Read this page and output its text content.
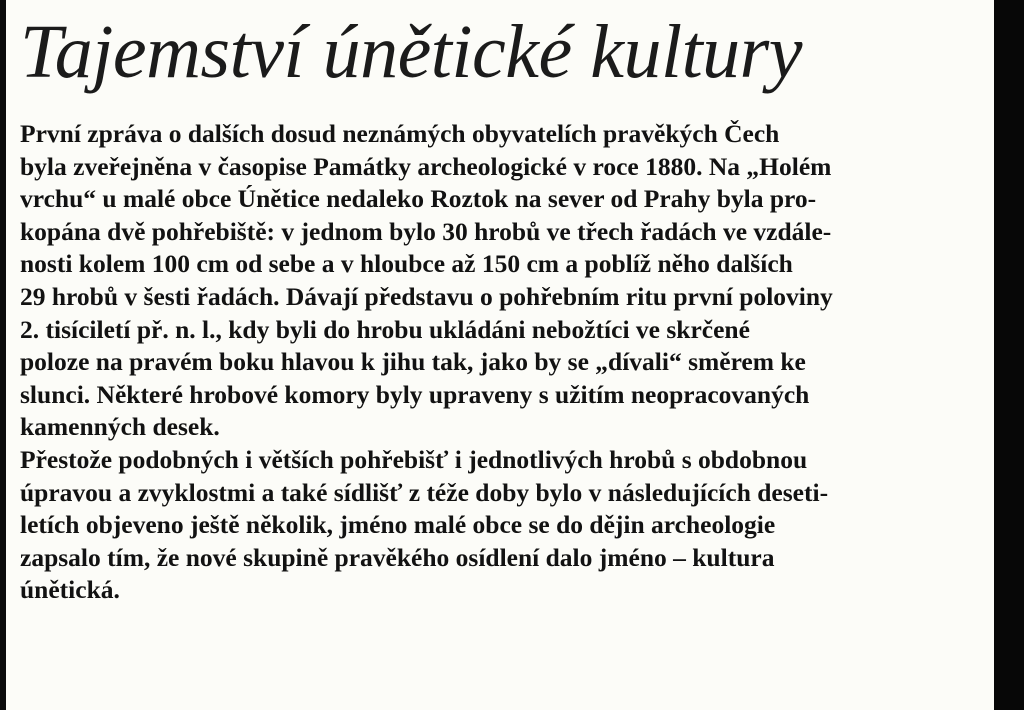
Tajemství únětické kultury
První zpráva o dalších dosud neznámých obyvatelích pravěkých Čech
byla zveřejněna v časopise Památky archeologické v roce 1880. Na „Holém
vrchu“ u malé obce Únětice nedaleko Roztok na sever od Prahy byla pro-
kopána dvě pohřebiště: v jednom bylo 30 hrobů ve třech řadách ve vzdále-
nosti kolem 100 cm od sebe a v hloubce až 150 cm a poblíž něho dalších
29 hrobů v šesti řadách. Dávají představu o pohřebním ritu první poloviny
2. tisíciletí př. n. l., kdy byli do hrobu ukládáni nebožtíci ve skrčené
poloze na pravém boku hlavou k jihu tak, jako by se „dívali“ směrem ke
slunci. Některé hrobové komory byly upraveny s užitím neopracovaných
kamenných desek.
Přestože podobných i větších pohřebišť i jednotlivých hrobů s obdobnou
úpravou a zvyklostmi a také sídlišť z téže doby bylo v následujících deseti-
letích objeveno ještě několik, jméno malé obce se do dějin archeologie
zapsalo tím, že nové skupině pravěkého osídlení dalo jméno – kultura
únětická.
